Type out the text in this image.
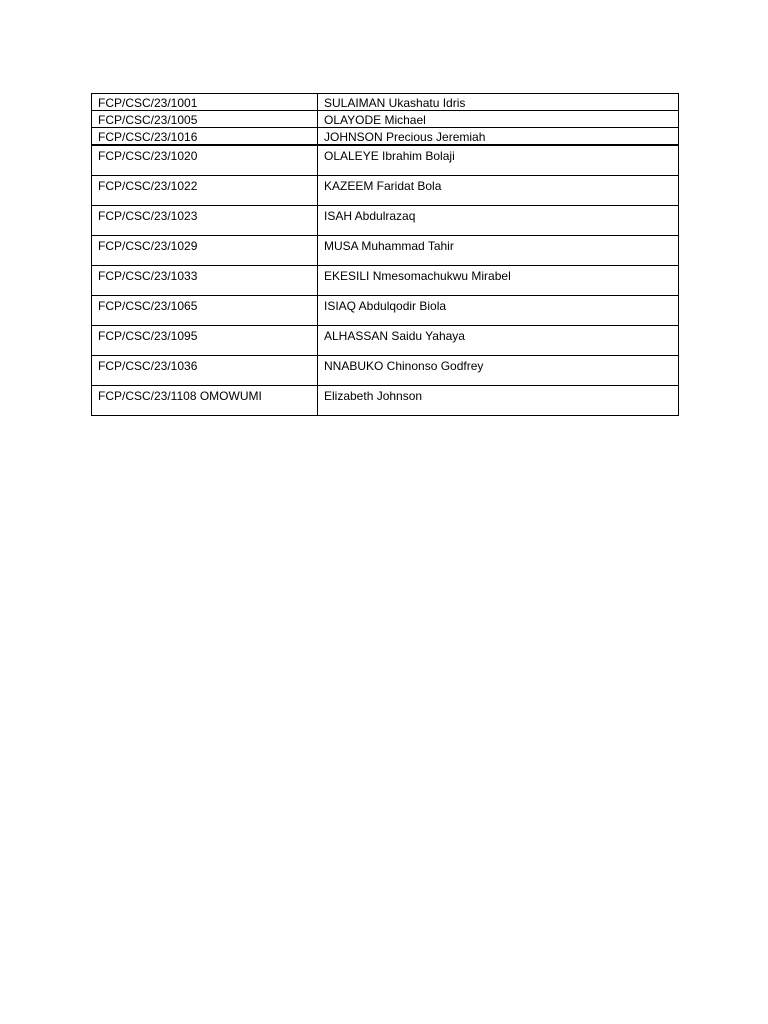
FCP/CSC/23/1001	SULAIMAN Ukashatu Idris
FCP/CSC/23/1005	OLAYODE Michael
FCP/CSC/23/1016	JOHNSON Precious Jeremiah
FCP/CSC/23/1020	OLALEYE Ibrahim Bolaji
FCP/CSC/23/1022	KAZEEM Faridat Bola
FCP/CSC/23/1023	ISAH Abdulrazaq
FCP/CSC/23/1029	MUSA Muhammad Tahir
FCP/CSC/23/1033	EKESILI Nmesomachukwu Mirabel
FCP/CSC/23/1065	ISIAQ Abdulqodir Biola
FCP/CSC/23/1095	ALHASSAN Saidu Yahaya
FCP/CSC/23/1036	NNABUKO Chinonso Godfrey
FCP/CSC/23/1108 OMOWUMI	Elizabeth Johnson
